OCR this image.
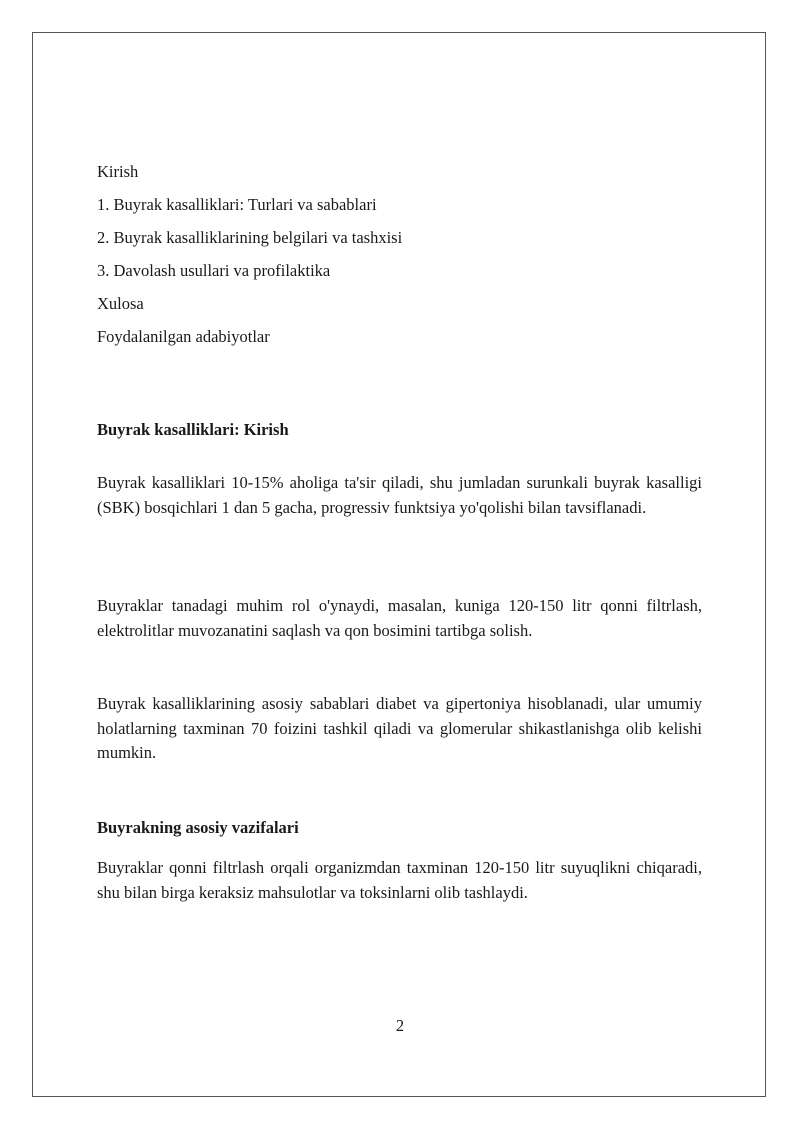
Kirish
1. Buyrak kasalliklari: Turlari va sabablari
2. Buyrak kasalliklarining belgilari va tashxisi
3. Davolash usullari va profilaktika
Xulosa
Foydalanilgan adabiyotlar
Buyrak kasalliklari: Kirish

Buyrak kasalliklari 10-15% aholiga ta'sir qiladi, shu jumladan surunkali buyrak kasalligi (SBK) bosqichlari 1 dan 5 gacha, progressiv funktsiya yo'qolishi bilan tavsiflanadi.

Buyraklar tanadagi muhim rol o'ynaydi, masalan, kuniga 120-150 litr qonni filtrlash, elektrolitlar muvozanatini saqlash va qon bosimini tartibga solish.

Buyrak kasalliklarining asosiy sabablari diabet va gipertoniya hisoblanadi, ular umumiy holatlarning taxminan 70 foizini tashkil qiladi va glomerular shikastlanishga olib kelishi mumkin.

Buyrakning asosiy vazifalari

Buyraklar qonni filtrlash orqali organizmdan taxminan 120-150 litr suyuqlikni chiqaradi, shu bilan birga keraksiz mahsulotlar va toksinlarni olib tashlaydi.

2
